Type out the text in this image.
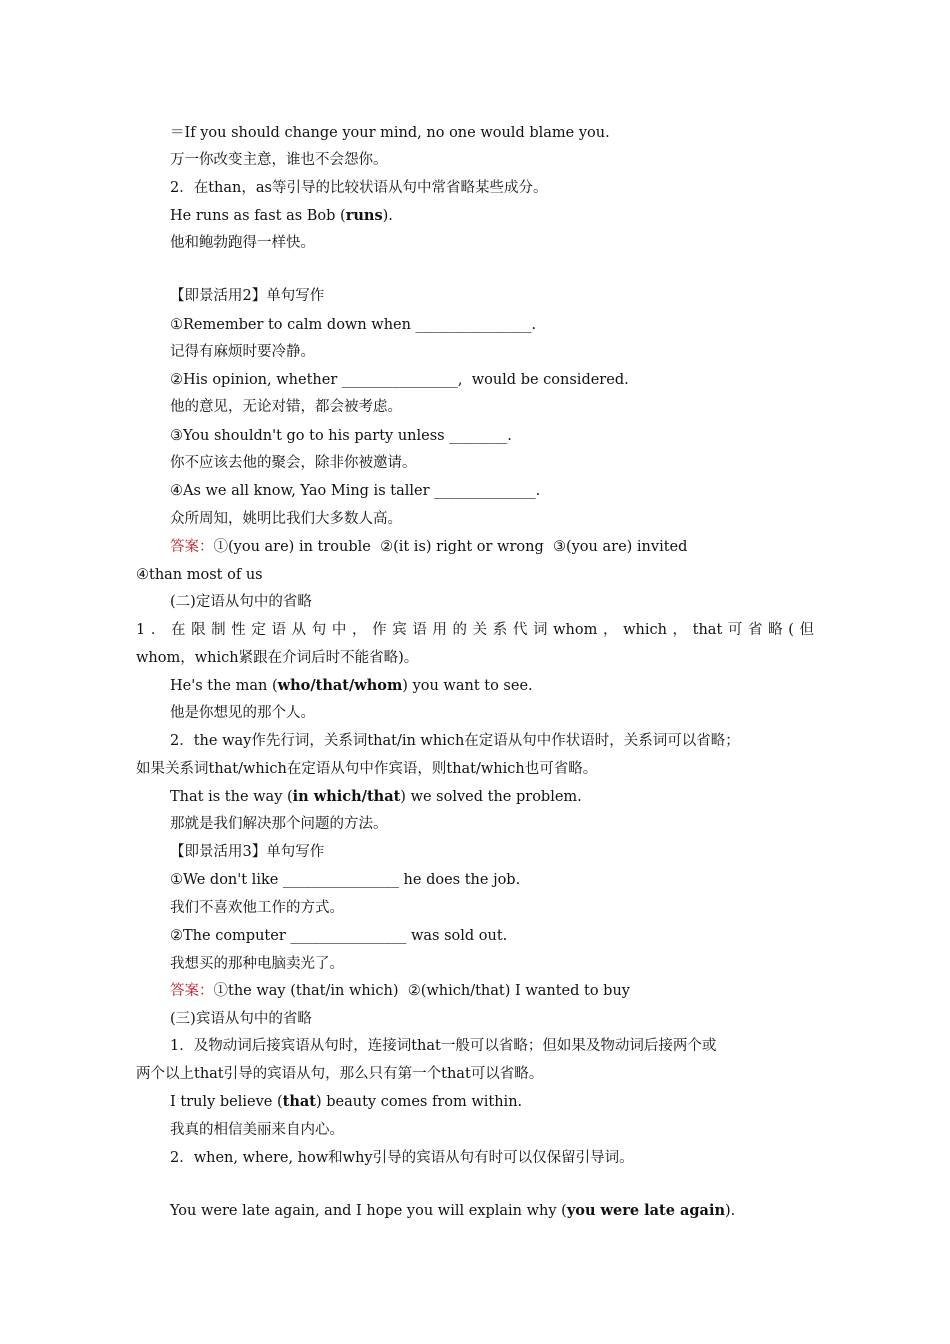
＝If you should change your mind, no one would blame you.
万一你改变主意，谁也不会怨你。
2．在than，as等引导的比较状语从句中常省略某些成分。
He runs as fast as Bob (runs).
他和鲍勃跑得一样快。
【即景活用2】单句写作
①Remember to calm down when ________________.
记得有麻烦时要冷静。
②His opinion, whether ________________,  would be considered.
他的意见，无论对错，都会被考虑。
③You shouldn't go to his party unless ________.
你不应该去他的聚会，除非你被邀请。
④As we all know, Yao Ming is taller ______________.
众所周知，姚明比我们大多数人高。
答案：①(you are) in trouble  ②(it is) right or wrong  ③(you are) invited
④than most of us
(二)定语从句中的省略
1．在限制性定语从句中，作宾语用的关系代词whom，which，that可省略(但
whom，which紧跟在介词后时不能省略)。
He's the man (who/that/whom) you want to see.
他是你想见的那个人。
2．the way作先行词，关系词that/in which在定语从句中作状语时，关系词可以省略；
如果关系词that/which在定语从句中作宾语，则that/which也可省略。
That is the way (in which/that) we solved the problem.
那就是我们解决那个问题的方法。
【即景活用3】单句写作
①We don't like ________________ he does the job.
我们不喜欢他工作的方式。
②The computer ________________ was sold out.
我想买的那种电脑卖光了。
答案：①the way (that/in which)  ②(which/that) I wanted to buy
(三)宾语从句中的省略
1．及物动词后接宾语从句时，连接词that一般可以省略；但如果及物动词后接两个或
两个以上that引导的宾语从句，那么只有第一个that可以省略。
I truly believe (that) beauty comes from within.
我真的相信美丽来自内心。
2．when, where, how和why引导的宾语从句有时可以仅保留引导词。
You were late again, and I hope you will explain why (you were late again).
